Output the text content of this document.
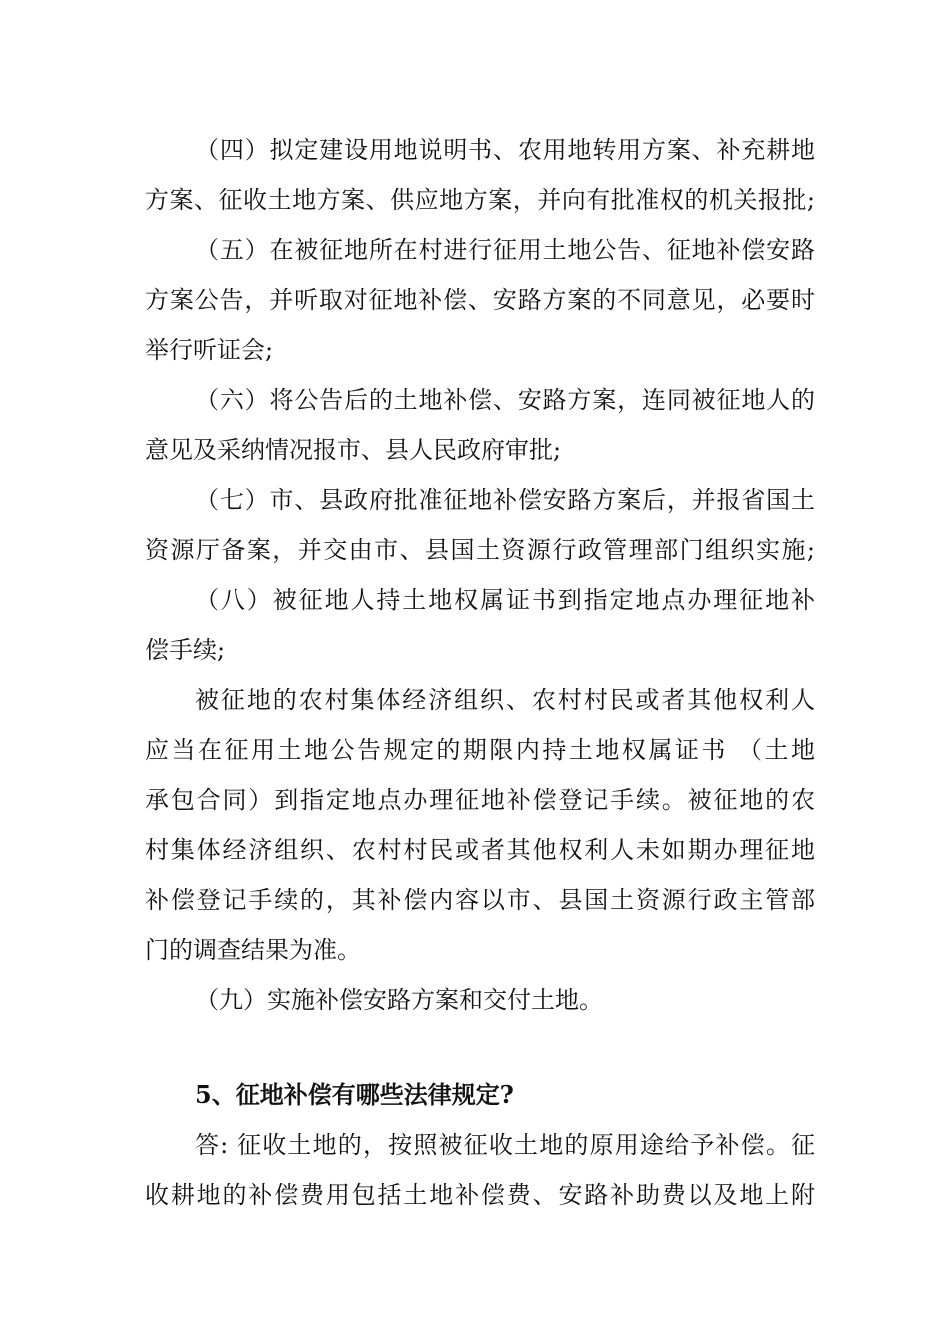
（四）拟定建设用地说明书、农用地转用方案、补充耕地
方案、征收土地方案、供应地方案，并向有批准权的机关报批;
（五）在被征地所在村进行征用土地公告、征地补偿安路
方案公告，并听取对征地补偿、安路方案的不同意见，必要时
举行听证会;
（六）将公告后的土地补偿、安路方案，连同被征地人的
意见及采纳情况报市、县人民政府审批;
（七）市、县政府批准征地补偿安路方案后，并报省国土
资源厅备案，并交由市、县国土资源行政管理部门组织实施;
（八）被征地人持土地权属证书到指定地点办理征地补
偿手续;
被征地的农村集体经济组织、农村村民或者其他权利人
应当在征用土地公告规定的期限内持土地权属证书 （土地
承包合同）到指定地点办理征地补偿登记手续。被征地的农
村集体经济组织、农村村民或者其他权利人未如期办理征地
补偿登记手续的，其补偿内容以市、县国土资源行政主管部
门的调查结果为准。
（九）实施补偿安路方案和交付土地。
5、征地补偿有哪些法律规定?
答: 征收土地的，按照被征收土地的原用途给予补偿。征
收耕地的补偿费用包括土地补偿费、安路补助费以及地上附
